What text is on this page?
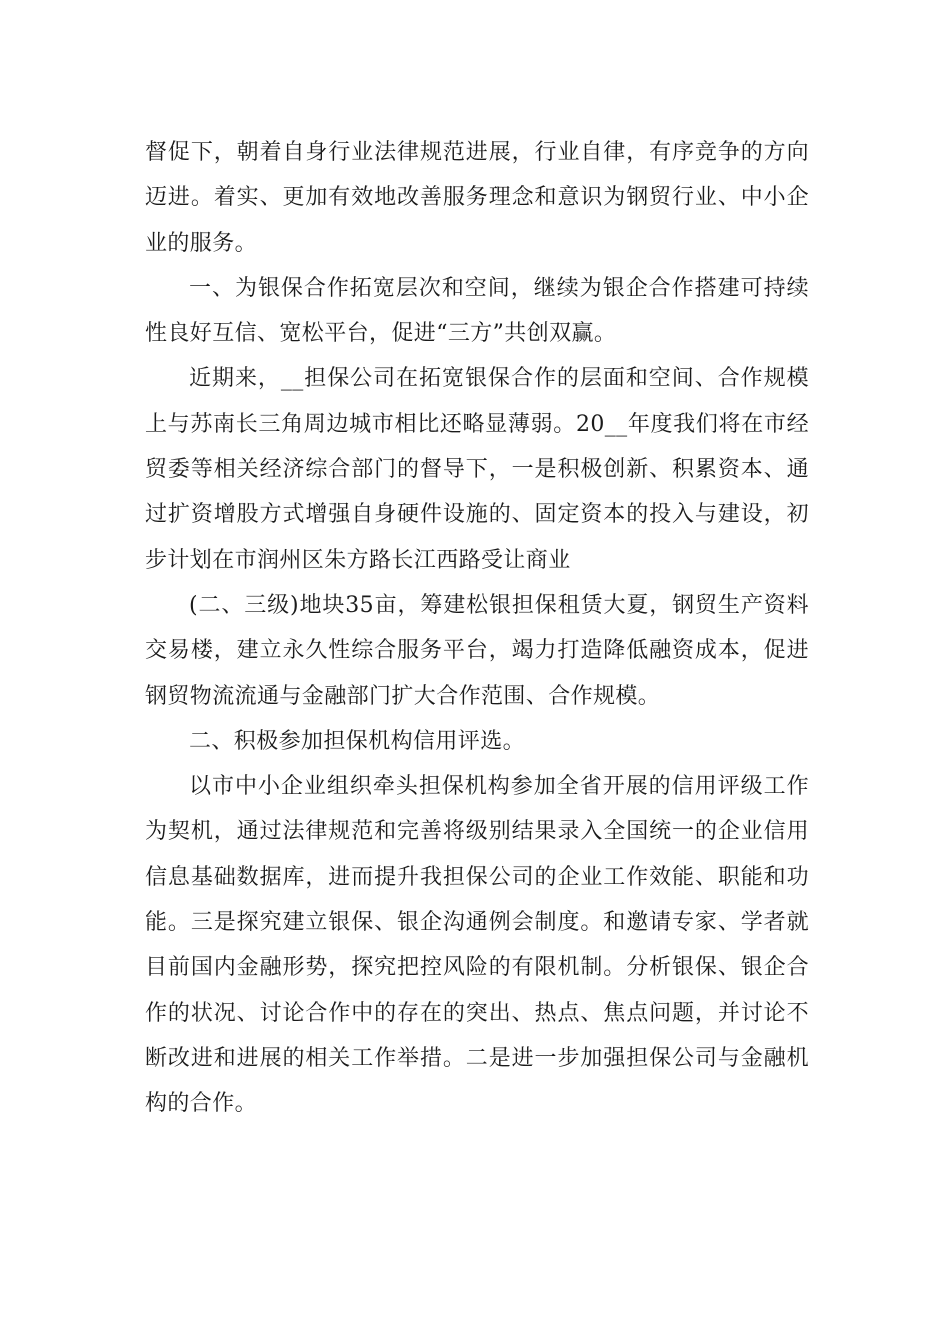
督促下，朝着自身行业法律规范进展，行业自律，有序竞争的方向迈进。着实、更加有效地改善服务理念和意识为钢贸行业、中小企业的服务。

一、为银保合作拓宽层次和空间，继续为银企合作搭建可持续性良好互信、宽松平台，促进“三方”共创双赢。

近期来，__担保公司在拓宽银保合作的层面和空间、合作规模上与苏南长三角周边城市相比还略显薄弱。20__年度我们将在市经贸委等相关经济综合部门的督导下，一是积极创新、积累资本、通过扩资增股方式增强自身硬件设施的、固定资本的投入与建设，初步计划在市润州区朱方路长江西路受让商业

(二、三级)地块35亩，筹建松银担保租赁大夏，钢贸生产资料交易楼，建立永久性综合服务平台，竭力打造降低融资成本，促进钢贸物流流通与金融部门扩大合作范围、合作规模。

二、积极参加担保机构信用评选。

以市中小企业组织牵头担保机构参加全省开展的信用评级工作为契机，通过法律规范和完善将级别结果录入全国统一的企业信用信息基础数据库，进而提升我担保公司的企业工作效能、职能和功能。三是探究建立银保、银企沟通例会制度。和邀请专家、学者就目前国内金融形势，探究把控风险的有限机制。分析银保、银企合作的状况、讨论合作中的存在的突出、热点、焦点问题，并讨论不断改进和进展的相关工作举措。二是进一步加强担保公司与金融机构的合作。
